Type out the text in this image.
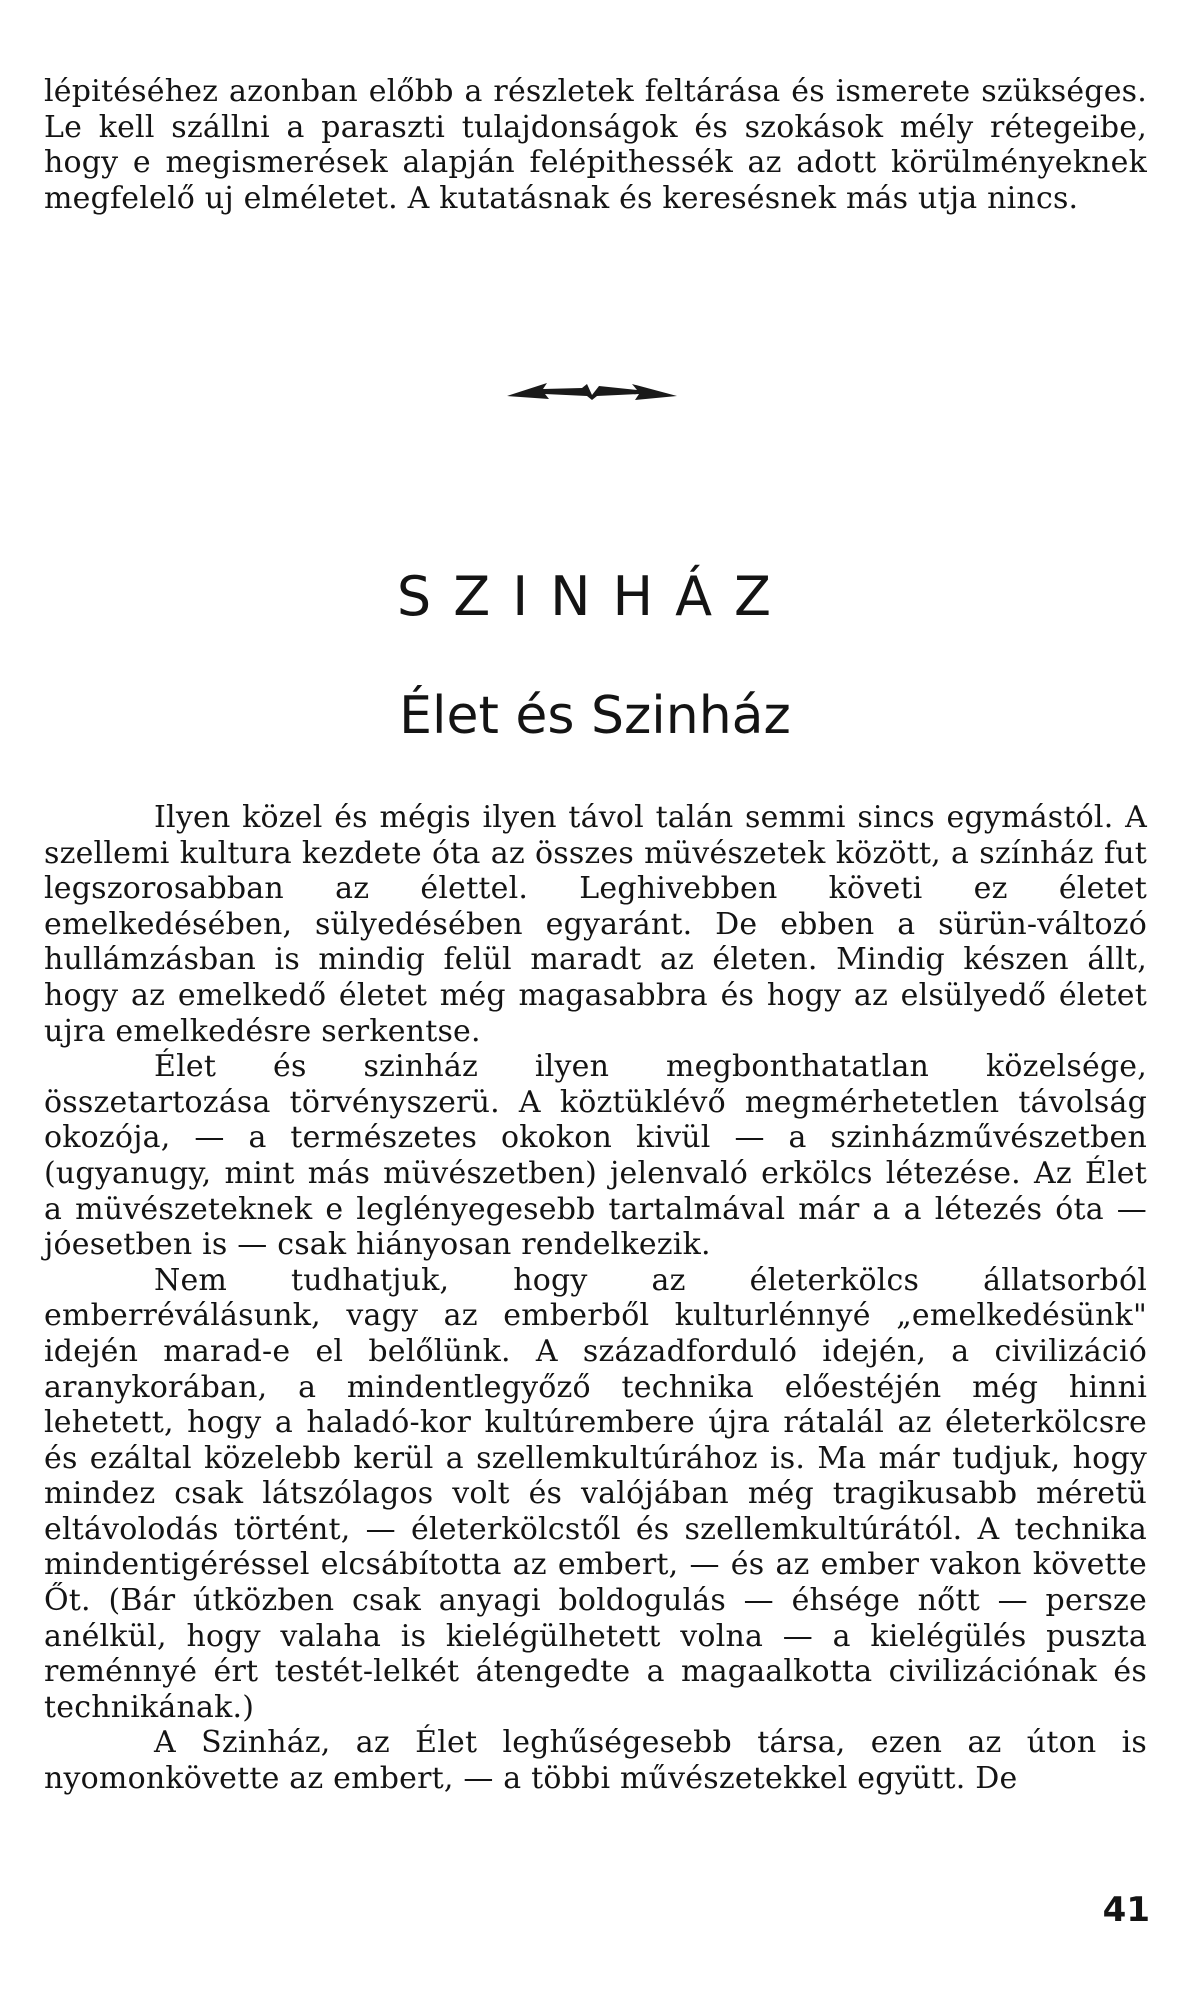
lépitéséhez azonban előbb a részletek feltárása és ismerete szükséges. Le kell szállni a paraszti tulajdonságok és szokások mély rétegeibe, hogy e megismerések alapján felépithessék az adott körülményeknek megfelelő uj elméletet. A kutatásnak és keresésnek más utja nincs.

SZINHÁZ
Élet és Szinház

Ilyen közel és mégis ilyen távol talán semmi sincs egymástól. A szellemi kultura kezdete óta az összes müvészetek között, a színház fut legszorosabban az élettel. Leghivebben követi ez életet emelkedésében, sülyedésében egyaránt. De ebben a sürün-változó hullámzásban is mindig felül maradt az életen. Mindig készen állt, hogy az emelkedő életet még magasabbra és hogy az elsülyedő életet ujra emelkedésre serkentse.

Élet és szinház ilyen megbonthatatlan közelsége, összetartozása törvényszerü. A köztüklévő megmérhetetlen távolság okozója, — a természetes okokon kivül — a szinházművészetben (ugyanugy, mint más müvészetben) jelenvaló erkölcs létezése. Az Élet a müvészeteknek e leglényegesebb tartalmával már a a létezés óta — jóesetben is — csak hiányosan rendelkezik.

Nem tudhatjuk, hogy az életerkölcs állatsorból emberréválásunk, vagy az emberből kulturlénnyé „emelkedésünk" idején marad-e el belőlünk. A századforduló idején, a civilizáció aranykorában, a mindentlegyőző technika előestéjén még hinni lehetett, hogy a haladó-kor kultúrembere újra rátalál az életerkölcsre és ezáltal közelebb kerül a szellemkultúrához is. Ma már tudjuk, hogy mindez csak látszólagos volt és valójában még tragikusabb méretü eltávolodás történt, — életerkölcstől és szellemkultúrától. A technika mindentigéréssel elcsábította az embert, — és az ember vakon követte Őt. (Bár útközben csak anyagi boldogulás — éhsége nőtt — persze anélkül, hogy valaha is kielégülhetett volna — a kielégülés puszta reménnyé ért testét-lelkét átengedte a magaalkotta civilizációnak és technikának.)

A Szinház, az Élet leghűségesebb társa, ezen az úton is nyomonkövette az embert, — a többi művészetekkel együtt. De

41
